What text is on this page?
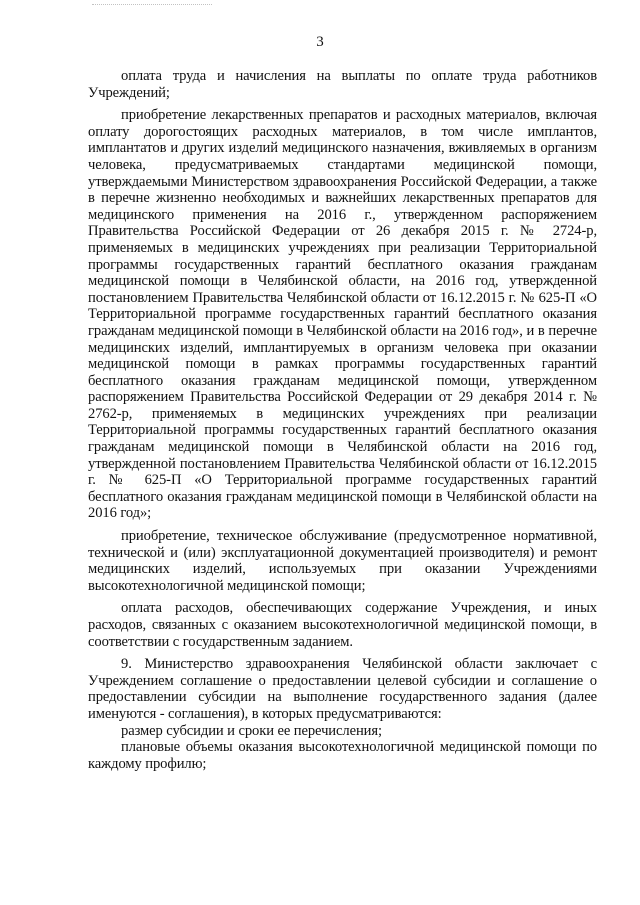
3

оплата труда и начисления на выплаты по оплате труда работников Учреждений;

приобретение лекарственных препаратов и расходных материалов, включая оплату дорогостоящих расходных материалов, в том числе имплантов, имплантатов и других изделий медицинского назначения, вживляемых в организм человека, предусматриваемых стандартами медицинской помощи, утверждаемыми Министерством здравоохранения Российской Федерации, а также в перечне жизненно необходимых и важнейших лекарственных препаратов для медицинского применения на 2016 г., утвержденном распоряжением Правительства Российской Федерации от 26 декабря 2015 г. № 2724-р, применяемых в медицинских учреждениях при реализации Территориальной программы государственных гарантий бесплатного оказания гражданам медицинской помощи в Челябинской области, на 2016 год, утвержденной постановлением Правительства Челябинской области от 16.12.2015 г. № 625-П «О Территориальной программе государственных гарантий бесплатного оказания гражданам медицинской помощи в Челябинской области на 2016 год», и в перечне медицинских изделий, имплантируемых в организм человека при оказании медицинской помощи в рамках программы государственных гарантий бесплатного оказания гражданам медицинской помощи, утвержденном распоряжением Правительства Российской Федерации от 29 декабря 2014 г. № 2762-р, применяемых в медицинских учреждениях при реализации Территориальной программы государственных гарантий бесплатного оказания гражданам медицинской помощи в Челябинской области на 2016 год, утвержденной постановлением Правительства Челябинской области от 16.12.2015 г. № 625-П «О Территориальной программе государственных гарантий бесплатного оказания гражданам медицинской помощи в Челябинской области на 2016 год»;

приобретение, техническое обслуживание (предусмотренное нормативной, технической и (или) эксплуатационной документацией производителя) и ремонт медицинских изделий, используемых при оказании Учреждениями высокотехнологичной медицинской помощи;

оплата расходов, обеспечивающих содержание Учреждения, и иных расходов, связанных с оказанием высокотехнологичной медицинской помощи, в соответствии с государственным заданием.

9. Министерство здравоохранения Челябинской области заключает с Учреждением соглашение о предоставлении целевой субсидии и соглашение о предоставлении субсидии на выполнение государственного задания (далее именуются - соглашения), в которых предусматриваются:

размер субсидии и сроки ее перечисления;

плановые объемы оказания высокотехнологичной медицинской помощи по каждому профилю;
